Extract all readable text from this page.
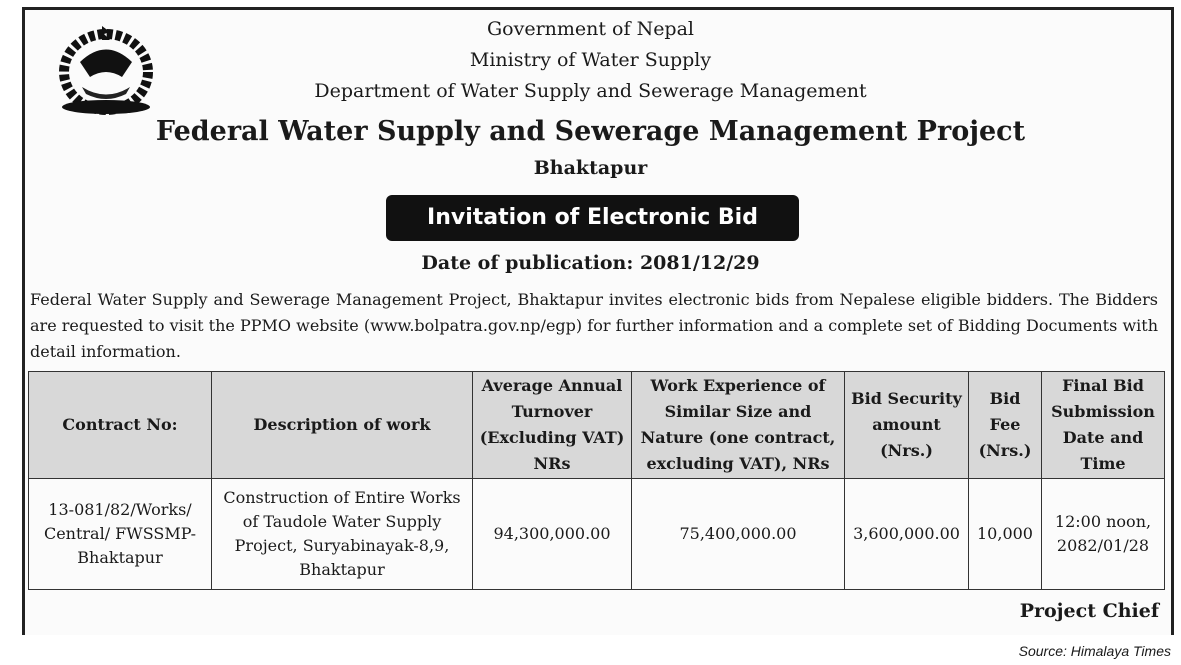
Government of Nepal
Ministry of Water Supply
Department of Water Supply and Sewerage Management
Federal Water Supply and Sewerage Management Project
Bhaktapur
Invitation of Electronic Bid
Date of publication: 2081/12/29
Federal Water Supply and Sewerage Management Project, Bhaktapur invites electronic bids from Nepalese eligible bidders. The Bidders are requested to visit the PPMO website (www.bolpatra.gov.np/egp) for further information and a complete set of Bidding Documents with detail information.
Contract No:	Description of work	Average Annual Turnover (Excluding VAT) NRs	Work Experience of Similar Size and Nature (one contract, excluding VAT), NRs	Bid Security amount (Nrs.)	Bid Fee (Nrs.)	Final Bid Submission Date and Time
13-081/82/Works/ Central/ FWSSMP-Bhaktapur	Construction of Entire Works of Taudole Water Supply Project, Suryabinayak-8,9, Bhaktapur	94,300,000.00	75,400,000.00	3,600,000.00	10,000	12:00 noon, 2082/01/28
Project Chief
Source: Himalaya Times
